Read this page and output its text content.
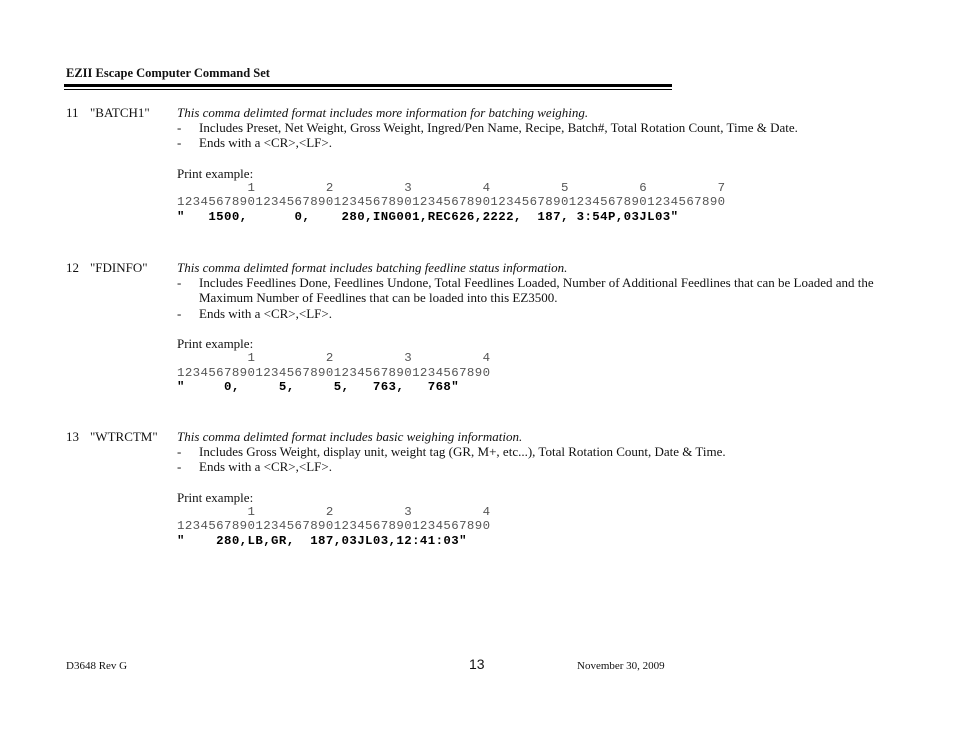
EZII Escape Computer Command Set
11 "BATCH1" This comma delimted format includes more information for batching weighing.
- Includes Preset, Net Weight, Gross Weight, Ingred/Pen Name, Recipe, Batch#, Total Rotation Count, Time & Date.
- Ends with a <CR>,<LF>.
Print example:
1         2         3         4         5         6         7
1234567890123456789012345678901234567890123456789012345678901234567890
"   1500,      0,    280,ING001,REC626,2222,  187, 3:54P,03JL03"
12 "FDINFO" This comma delimted format includes batching feedline status information.
- Includes Feedlines Done, Feedlines Undone, Total Feedlines Loaded, Number of Additional Feedlines that can be Loaded and the Maximum Number of Feedlines that can be loaded into this EZ3500.
- Ends with a <CR>,<LF>.
Print example:
1         2         3         4
1234567890123456789012345678901234567890
"     0,     5,     5,   763,   768"
13 "WTRCTM" This comma delimted format includes basic weighing information.
- Includes Gross Weight, display unit, weight tag (GR, M+, etc...), Total Rotation Count, Date & Time.
- Ends with a <CR>,<LF>.
Print example:
1         2         3         4
1234567890123456789012345678901234567890
"    280,LB,GR,  187,03JL03,12:41:03"
D3648 Rev G	13	November 30, 2009
